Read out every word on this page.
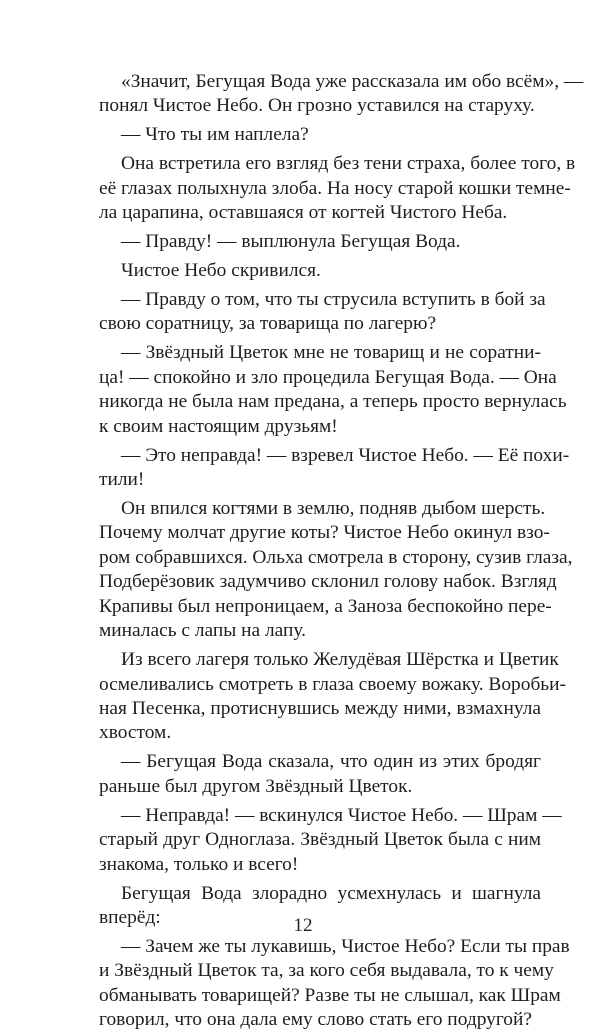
«Значит, Бегущая Вода уже рассказала им обо всём», —
понял Чистое Небо. Он грозно уставился на старуху.
— Что ты им наплела?
Она встретила его взгляд без тени страха, более того, в
её глазах полыхнула злоба. На носу старой кошки темне-
ла царапина, оставшаяся от когтей Чистого Неба.
— Правду! — выплюнула Бегущая Вода.
Чистое Небо скривился.
— Правду о том, что ты струсила вступить в бой за
свою соратницу, за товарища по лагерю?
— Звёздный Цветок мне не товарищ и не соратни-
ца! — спокойно и зло процедила Бегущая Вода. — Она
никогда не была нам предана, а теперь просто вернулась
к своим настоящим друзьям!
— Это неправда! — взревел Чистое Небо. — Её похи-
тили!
Он впился когтями в землю, подняв дыбом шерсть.
Почему молчат другие коты? Чистое Небо окинул взо-
ром собравшихся. Ольха смотрела в сторону, сузив глаза,
Подберёзовик задумчиво склонил голову набок. Взгляд
Крапивы был непроницаем, а Заноза беспокойно пере-
миналась с лапы на лапу.
Из всего лагеря только Желудёвая Шёрстка и Цветик
осмеливались смотреть в глаза своему вожаку. Воробьи-
ная Песенка, протиснувшись между ними, взмахнула
хвостом.
— Бегущая Вода сказала, что один из этих бродяг
раньше был другом Звёздный Цветок.
— Неправда! — вскинулся Чистое Небо. — Шрам —
старый друг Одноглаза. Звёздный Цветок была с ним
знакома, только и всего!
Бегущая Вода злорадно усмехнулась и шагнула
вперёд:
— Зачем же ты лукавишь, Чистое Небо? Если ты прав
и Звёздный Цветок та, за кого себя выдавала, то к чему
обманывать товарищей? Разве ты не слышал, как Шрам
говорил, что она дала ему слово стать его подругой?
12
